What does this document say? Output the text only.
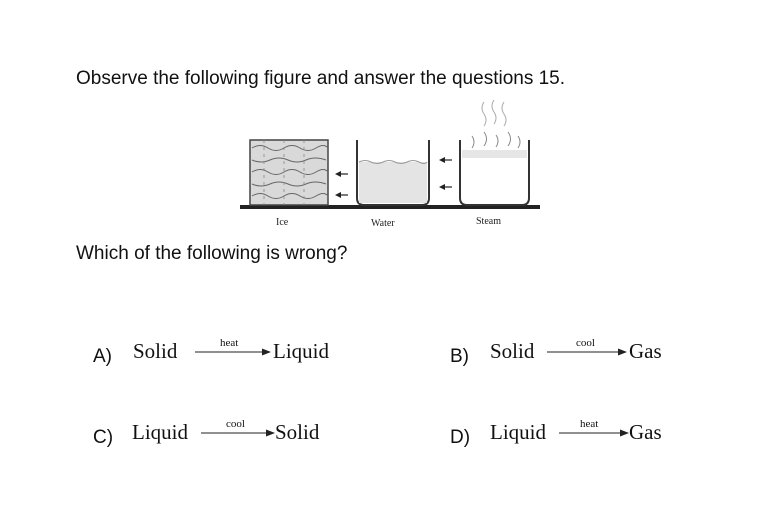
Observe the following figure and answer the questions 15.
Ice	Water	Steam
Which of the following is wrong?
A) Solid	heat Liquid	B) Solid	cool Gas
C) Liquid	cool Solid	D) Liquid	heat Gas
